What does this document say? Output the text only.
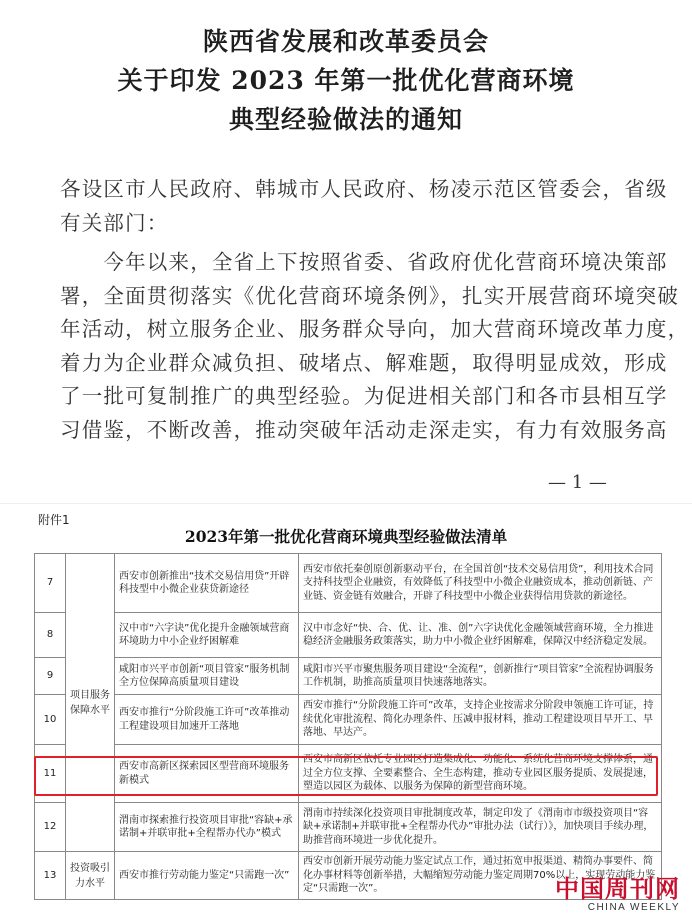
陕西省发展和改革委员会
关于印发 2023 年第一批优化营商环境
典型经验做法的通知
各设区市人民政府、韩城市人民政府、杨凌示范区管委会，省级
有关部门：
　　今年以来，全省上下按照省委、省政府优化营商环境决策部
署，全面贯彻落实《优化营商环境条例》，扎实开展营商环境突破
年活动，树立服务企业、服务群众导向，加大营商环境改革力度，
着力为企业群众减负担、破堵点、解难题，取得明显成效，形成
了一批可复制推广的典型经验。为促进相关部门和各市县相互学
习借鉴，不断改善，推动突破年活动走深走实，有力有效服务高
— 1 —
附件1
2023年第一批优化营商环境典型经验做法清单
7	项目服务保障水平	西安市创新推出“技术交易信用贷”开辟科技型中小微企业获贷新途径	西安市依托秦创原创新驱动平台，在全国首创“技术交易信用贷”，利用技术合同支持科技型企业融资，有效降低了科技型中小微企业融资成本，推动创新链、产业链、资金链有效融合，开辟了科技型中小微企业获得信用贷款的新途径。
8		汉中市“六字诀”优化提升金融领域营商环境助力中小企业纾困解难	汉中市念好“快、合、优、让、准、创”六字诀优化金融领域营商环境，全力推进稳经济金融服务政策落实，助力中小微企业纾困解难，保障汉中经济稳定发展。
9		咸阳市兴平市创新“项目管家”服务机制全方位保障高质量项目建设	咸阳市兴平市聚焦服务项目建设“全流程”，创新推行“项目管家”全流程协调服务工作机制，助推高质量项目快速落地落实。
10		西安市推行“分阶段施工许可”改革推动工程建设项目加速开工落地	西安市推行“分阶段施工许可”改革，支持企业按需求分阶段申领施工许可证，持续优化审批流程、简化办理条件、压减申报材料，推动工程建设项目早开工、早落地、早达产。
11		西安市高新区探索园区型营商环境服务新模式	西安市高新区依托专业园区打造集成化、功能化、系统化营商环境支撑体系，通过全方位支撑、全要素整合、全生态构建，推动专业园区服务提质、发展提速，塑造以园区为载体、以服务为保障的新型营商环境。
12		渭南市探索推行投资项目审批“容缺+承诺制+并联审批+全程帮办代办”模式	渭南市持续深化投资项目审批制度改革，制定印发了《渭南市市级投资项目“容缺+承诺制+并联审批+全程帮办代办”审批办法（试行）》，加快项目手续办理，助推营商环境进一步优化提升。
13	投资吸引力水平	西安市推行劳动能力鉴定“只需跑一次”	西安市创新开展劳动能力鉴定试点工作，通过拓宽申报渠道、精简办事要件、简化办事材料等创新举措，大幅缩短劳动能力鉴定周期70%以上，实现劳动能力鉴定“只需跑一次”。	中国周刊网
CHINA WEEKLY
